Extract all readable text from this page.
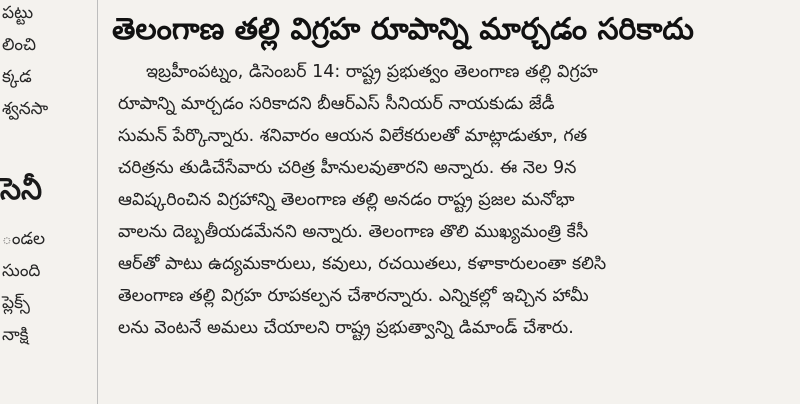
పట్టు
లించి
క్కడ
శ్వనసా
సెనీ
ండల
సుంది
ప్లెక్స్
నాక్షి
తెలంగాణ తల్లి విగ్రహ రూపాన్ని మార్చడం సరికాదు
ఇబ్రహీంపట్నం, డిసెంబర్ 14: రాష్ట్ర ప్రభుత్వం తెలంగాణ తల్లి విగ్రహ
రూపాన్ని మార్చడం సరికాదని బీఆర్ఎస్ సీనియర్ నాయకుడు జేడీ
సుమన్ పేర్కొన్నారు. శనివారం ఆయన విలేకరులతో మాట్లాడుతూ, గత
చరిత్రను తుడిచేసేవారు చరిత్ర హీనులవుతారని అన్నారు. ఈ నెల 9న
ఆవిష్కరించిన విగ్రహాన్ని తెలంగాణ తల్లి అనడం రాష్ట్ర ప్రజల మనోభా
వాలను దెబ్బతీయడమేనని అన్నారు. తెలంగాణ తొలి ముఖ్యమంత్రి కేసీ
ఆర్‌తో పాటు ఉద్యమకారులు, కవులు, రచయితలు, కళాకారులంతా కలిసి
తెలంగాణ తల్లి విగ్రహ రూపకల్పన చేశారన్నారు. ఎన్నికల్లో ఇచ్చిన హామీ
లను వెంటనే అమలు చేయాలని రాష్ట్ర ప్రభుత్వాన్ని డిమాండ్ చేశారు.
